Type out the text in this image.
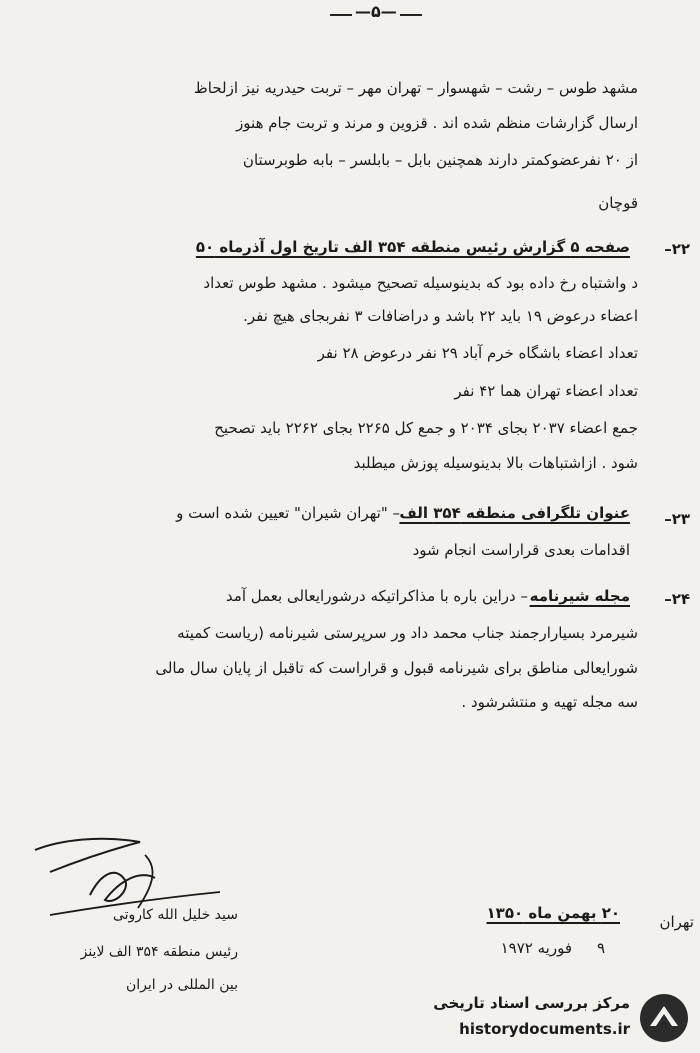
—۵—
مشهد طوس – رشت – شهسوار – تهران مهر – تربت حیدریه نیز ازلحاظ
ارسال گزارشات منظم شده اند . قزوین و مرند و تربت جام هنوز
از ۲۰ نفرعضوکمتر دارند همچنین بابل – بابلسر – بابه طوبرستان
قوچان
۲۲–
صفحه ۵ گزارش رئیس منطقه ۳۵۴ الف تاریخ اول آذرماه ۵۰
د واشتباه رخ داده بود که بدینوسیله تصحیح میشود . مشهد طوس تعداد
اعضاء درعوض ۱۹ باید ۲۲ باشد و دراضافات ۳ نفربجای هیچ نفر.
تعداد اعضاء باشگاه خرم آباد ۲۹ نفر درعوض ۲۸ نفر
تعداد اعضاء تهران هما ۴۲ نفر
جمع اعضاء ۲۰۳۷ بجای ۲۰۳۴ و جمع کل ۲۲۶۵ بجای ۲۲۶۲ باید تصحیح
شود . ازاشتباهات بالا بدینوسیله پوزش میطلبد
۲۳–
عنوان تلگرافی منطقه ۳۵۴ الف
– "تهران شیران" تعیین شده است و
اقدامات بعدی قراراست انجام شود
۲۴–
مجله شیرنامه
– دراین باره با مذاکراتیکه درشورایعالی بعمل آمد
شیرمرد بسیارارجمند جناب محمد داد ور سرپرستی شیرنامه (ریاست کمیته
شورایعالی مناطق برای شیرنامه قبول و قراراست که تاقبل از پایان سال مالی
سه مجله تهیه و منتشرشود .
سید خلیل الله کاروتی
رئیس منطقه ۳۵۴ الف لاینز
بین المللی در ایران
تهران
۲۰ بهمن ماه ۱۳۵۰
۹
فوریه ۱۹۷۲
مرکز بررسی اسناد تاریخی
historydocuments.ir
